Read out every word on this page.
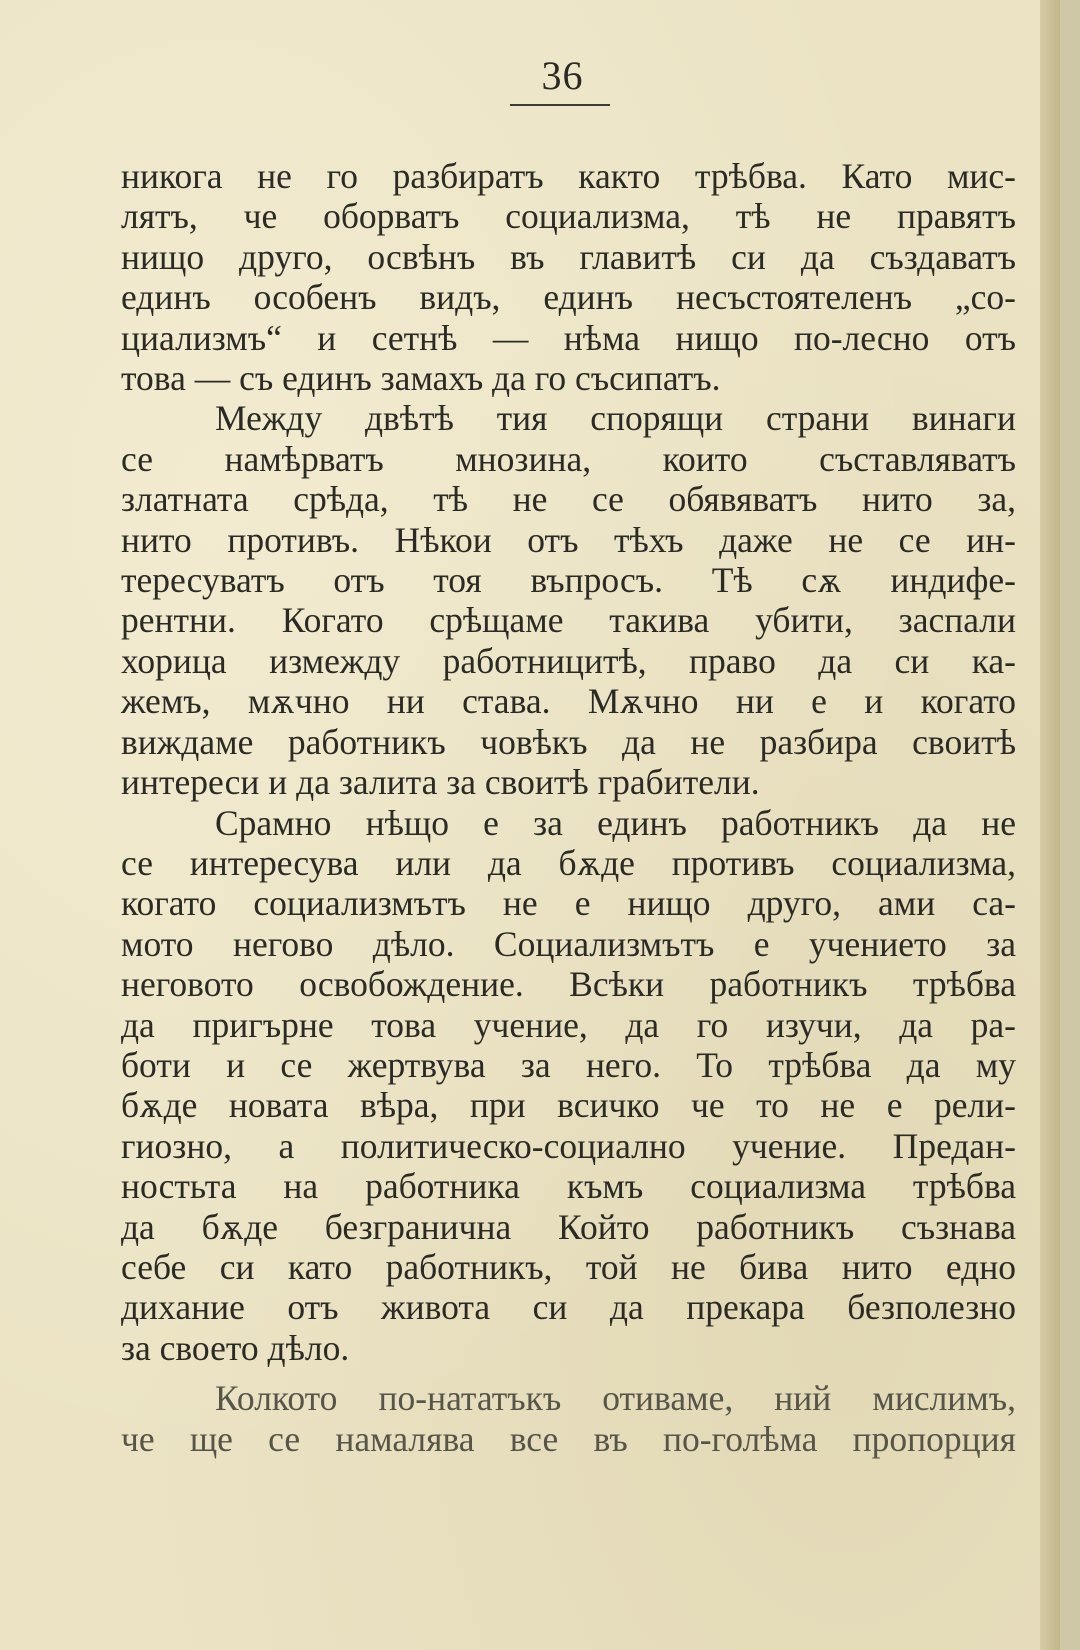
36
никога не го разбиратъ както трѣбва. Като мис-
лятъ, че оборватъ социализма, тѣ не правятъ
нищо друго, освѣнъ въ главитѣ си да създаватъ
единъ особенъ видъ, единъ несъстоятеленъ „со-
циализмъ“ и сетнѣ — нѣма нищо по-лесно отъ
това — съ единъ замахъ да го съсипатъ.
Между двѣтѣ тия спорящи страни винаги
се намѣрватъ мнозина, които съставляватъ
златната срѣда, тѣ не се обявяватъ нито за,
нито противъ. Нѣкои отъ тѣхъ даже не се ин-
тересуватъ отъ тоя въпросъ. Тѣ сѫ индифе-
рентни. Когато срѣщаме такива убити, заспали
хорица измежду работницитѣ, право да си ка-
жемъ, мѫчно ни става. Мѫчно ни е и когато
виждаме работникъ човѣкъ да не разбира своитѣ
интереси и да залита за своитѣ грабители.
Срамно нѣщо е за единъ работникъ да не
се интересува или да бѫде противъ социализма,
когато социализмътъ не е нищо друго, ами са-
мото негово дѣло. Социализмътъ е учението за
неговото освобождение. Всѣки работникъ трѣбва
да пригърне това учение, да го изучи, да ра-
боти и се жертвува за него. То трѣбва да му
бѫде новата вѣра, при всичко че то не е рели-
гиозно, а политическо-социално учение. Предан-
ностьта на работника къмъ социализма трѣбва
да бѫде безгранична Който работникъ съзнава
себе си като работникъ, той не бива нито едно
дихание отъ живота си да прекара безполезно
за своето дѣло.
Колкото по-нататъкъ отиваме, ний мислимъ,
че ще се намалява все въ по-голѣма пропорция
